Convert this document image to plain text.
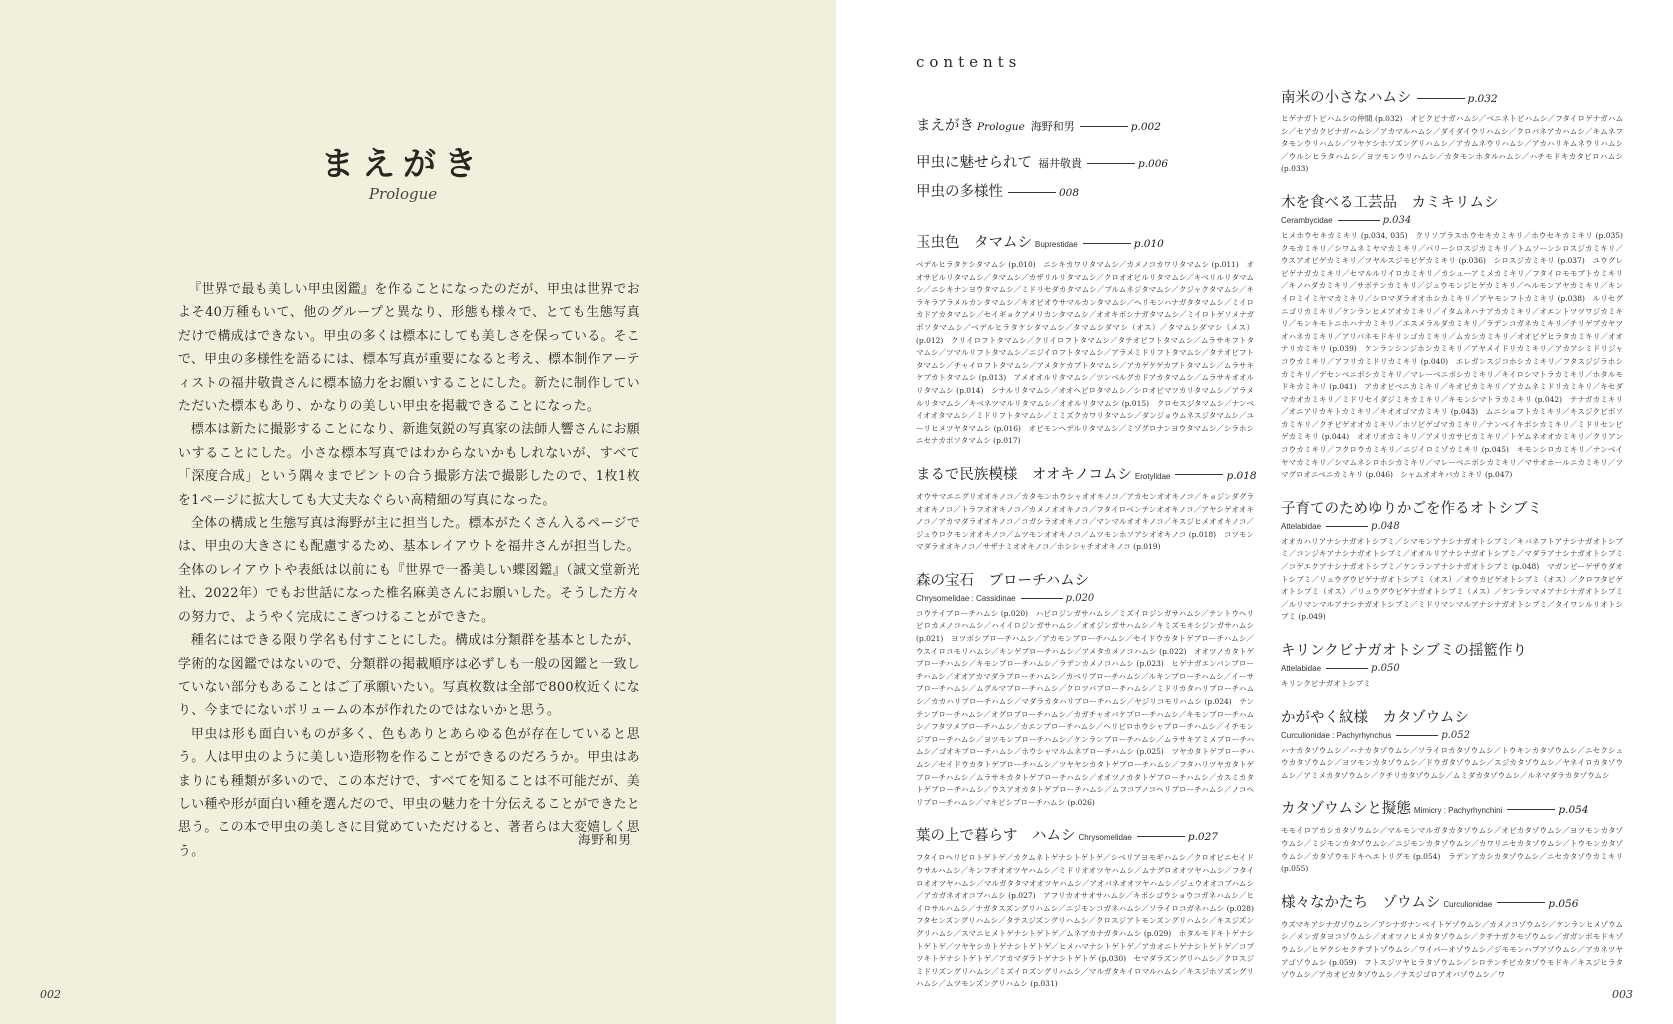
まえがき
Prologue

『世界で最も美しい甲虫図鑑』を作ることになったのだが、甲虫は世界でおよそ40万種もいて、他のグループと異なり、形態も様々で、とても生態写真だけで構成はできない。甲虫の多くは標本にしても美しさを保っている。そこで、甲虫の多様性を語るには、標本写真が重要になると考え、標本制作アーティストの福井敬貴さんに標本協力をお願いすることにした。新たに制作していただいた標本もあり、かなりの美しい甲虫を掲載できることになった。

標本は新たに撮影することになり、新進気鋭の写真家の法師人響さんにお願いすることにした。小さな標本写真ではわからないかもしれないが、すべて「深度合成」という隅々までピントの合う撮影方法で撮影したので、1枚1枚を1ページに拡大しても大丈夫なぐらい高精細の写真になった。

全体の構成と生態写真は海野が主に担当した。標本がたくさん入るページでは、甲虫の大きさにも配慮するため、基本レイアウトを福井さんが担当した。全体のレイアウトや表紙は以前にも『世界で一番美しい蝶図鑑』（誠文堂新光社、2022年）でもお世話になった椎名麻美さんにお願いした。そうした方々の努力で、ようやく完成にこぎつけることができた。

種名にはできる限り学名も付すことにした。構成は分類群を基本としたが、学術的な図鑑ではないので、分類群の掲載順序は必ずしも一般の図鑑と一致していない部分もあることはご了承願いたい。写真枚数は全部で800枚近くになり、今までにないボリュームの本が作れたのではないかと思う。

甲虫は形も面白いものが多く、色もありとあらゆる色が存在していると思う。人は甲虫のように美しい造形物を作ることができるのだろうか。甲虫はあまりにも種類が多いので、この本だけで、すべてを知ることは不可能だが、美しい種や形が面白い種を選んだので、甲虫の魅力を十分伝えることができたと思う。この本で甲虫の美しさに目覚めていただけると、著者らは大変嬉しく思う。

海野和男
002
contents
まえがき Prologue 海野和男	p.002
甲虫に魅せられて 福井敬貴	p.006
甲虫の多様性	008
玉虫色　タマムシ Buprestidae	p.010
ベデルヒラタケシタマムシ (p.010)　ニシキカワリタマムシ／カメノコカワリタマムシ (p.011)　オオサビルリタマムシ／タマムシ／カザリルリタマムシ／クロオオビルリタマムシ／キベリルリタマムシ／ニシキナンヨウタマムシ／ミドリセダカタマムシ／ブルムネジタマムシ／クジャクタマムシ／キラキラアラメルカンタマムシ／キオビオウサマルカンタマムシ／ヘリモンハナガタタマムシ／ミイロカドアカタマムシ／セイギョクアメリカンタマムシ／オオキボシナガタマムシ／ミイロトゲソメナガボソタマムシ／ベデルヒラタケシタマムシ／タマムシダマシ（オス）／タマムシダマシ（メス）(p.012)　クリイロフトタマムシ／クリイロフトタマムシ／タテオビフトタマムシ／ムラサキフトタマムシ／ツマルリフトタマムシ／ニジイロフトタマムシ／アラメミドリフトタマムシ／タテオビフトタマムシ／チャイロフトタマムシ／アメタケカブトタマムシ／アカゲケゲカブトタマムシ／ムラサキケブカトタマムシ (p.013)　アメオオルリタマムシ／ツンベルグカドアカタマムシ／ムラサキオオルリタマムシ (p.014)　シナルリタマムシ／オオヘビロタマムシ／シロオビマツカリタマムシ／アラメルリタマムシ／キベネツマルリタマムシ／オオルリタマムシ (p.015)　クロセスジタマムシ／ナンベイオオタマムシ／ミドリフトタマムシ／ミミズクカワリタマムシ／ダンジョウムネスジタマムシ／ユーリヒメツヤタマムシ (p.016)　オビモンヘデルリタマムシ／ミゾグロナンヨウタマムシ／シラホシニセナカボソタマムシ (p.017)
まるで民族模様　オオキノコムシ Erotylidae	p.018
オウサマエニグリオオキノコ／カタモンホウシャオオキノコ／アカセンオオキノコ／キョジンダグラオオキノコ／トラフオオキノコ／カメノオオキノコ／フタイロベンテンオオキノコ／アヤシゲオオキノコ／アカマダラオオキノコ／コガシラオオキノコ／マンマルオオキノコ／キスジヒメオオキノコ／ジュウロクモンオオキノコ／ムツモンオオキノコ／ムツモンホソアシオオキノコ (p.018)　コツモンマダラオオキノコ／サザナミオオキノコ／ホシシャチオオキノコ (p.019)
森の宝石　ブローチハムシ
Chrysomelidae : Cassidinae	p.020
コウテイブローチハムシ (p.020)　ハビロジンガサハムシ／ミズイロジンガサハムシ／テントウヘリビロカメノコハムシ／ハイイロジンガサハムシ／オオジンガサハムシ／キミズモキシジンガサハムシ (p.021)　ヨツボシブローチハムシ／アカモンブローチハムシ／セイドウカタトゲブローチハムシ／ウスイロコモリハムシ／キンゲブローチハムシ／アメタカメノコハムシ (p.022)　オオツノカタトゲブローチハムシ／キモンブローチハムシ／ラデンカメノコハムシ (p.023)　ヒゲナガエンバンブローチハムシ／オオアカマダラブローチハムシ／カベリブローチハムシ／ルキンブローチハムシ／イーサブローチハムシ／ムグルマブローチハムシ／クロツバブローチハムシ／ミドリカタハリブローチハムシ／カカハリブローチハムシ／マダラカタハリブローチハムシ／ヤジリコモリハムシ (p.024)　テンテンブローチハムシ／オグロブローチハムシ／カガチャオバケブローチハムシ／キモンブローチハムシ／フタツメブローチハムシ／カエンブローチハムシ／ヘリビロホウシャブローチハムシ／イチモンジブローチハムシ／ヨツモンブローチハムシ／ケンランブローチハムシ／ムラサキアミメブローチハムシ／ゴオキブローチハムシ／ホウシャマルムネブローチハムシ (p.025)　ツヤカタトゲブローチハムシ／セイドウカタトゲブローチハムシ／ツヤヤシカタトゲブローチハムシ／フタハリツヤカタトゲブローチハムシ／ムラサキカタトゲブローチハムシ／オオツノカタトゲブローチハムシ／カスミカタトゲブローチハムシ／ウスアオカタトゲブローチハムシ／ムフコブノコヘリブローチハムシ／ノコヘリブローチハムシ／マキビシブローチハムシ (p.026)
葉の上で暮らす　ハムシ Chrysomelidae	p.027
フタイロヘリビロトゲトゲ／カクムネトゲナシトゲトゲ／シベリアヨモギハムシ／クロオビニセイドウサルハムシ／キンフチオオツヤハムシ／ミドリオオツヤハムシ／ムナグロオオツヤハムシ／フタイロオオツヤハムシ／マルガタタマオオツヤハムシ／アオバネオオツヤハムシ／ジュウオオコブハムシ／アカガネオオコブハムシ (p.027)　アフリカオサオサハムシ／キボシゴウショウコガネハムシ／ヒイロサルハムシ／ナガタスズングリハムシ／ニジモンコガネハムシ／ソライロコガネハムシ (p.028)　フタセンズングリハムシ／タテスジズングリハムシ／クロスジアトモンズングリハムシ／キスジズングリハムシ／スマニヒメトゲナシトゲトゲ／ムネアカナガタハムシ (p.029)　ホタルモドキトゲナシトゲトゲ／ツヤヤシカトゲナシトゲトゲ／ヒメハマナシトゲトゲ／アカオニトゲナシトゲトゲ／コブツキトゲナシトゲトゲ／アカマダラトゲナシトゲトゲ (p.030)　セマダラズングリハムシ／クロスジミドリズングリハムシ／ミズイロズングリハムシ／マルガタキイロマルハムシ／キスジホソズングリハムシ／ムツモンズングリハムシ (p.031)
南米の小さなハムシ	p.032
ヒゲナガトビハムシの仲間 (p.032)　オビクビナガハムシ／ベニネトビハムシ／フタイロゲナガハムシ／セアカクビナガハムシ／アカマルハムシ／ダイダイウリハムシ／クロバネアカハムシ／キムネフタモンウリハムシ／ツヤケシホソズングリハムシ／アカムネウリハムシ／アカハリキムネウリハムシ／ウルシヒラタハムシ／ヨツモンウリハムシ／カタモンホタルハムシ／ハチモドキカタビロハムシ (p.033)
木を食べる工芸品　カミキリムシ
Cerambycidae	p.034
ヒメホウセキカミキリ (p.034, 035)　クリソプラスホウセキカミキリ／ホウセキカミキリ (p.035)　クモカミキリ／シワムネミヤマカミキリ／パリーシロスジカミキリ／トムソーンシロスジカミキリ／ウスアオビゲカミキリ／ツヤルスジモビゲカミキリ (p.036)　シロスジカミキリ (p.037)　ユウグレビゲナガカミキリ／セマルルリイロカミキリ／カシューアミメカミキリ／フタイロモモブトカミキリ／キノハダカミキリ／サボテンカミキリ／ジュウモンジヒゲカミキリ／ヘルモンアヤカミキリ／キンイロミイミヤマカミキリ／シロマダラオオホシカミキリ／アヤモンフトカミキリ (p.038)　ルリセグニゴリカミキリ／ケンランヒメアオカミキリ／イタムネハナアカカミキリ／オエントツツワジカミキリ／モンキモトニホハナカミキリ／エスメラルダカミキリ／ラデンコガネカミキリ／チリゲブカヤツオハネカミキリ／アリバネモドキリンゴカミキリ／ムカシカミキリ／オオビゲヒラタカミキリ／オオナリカミキリ (p.039)　ケンランシンジホシカミキリ／アヤメイドリカミキリ／アカアシミドリジャコウカミキリ／アフリカミドリカミキリ (p.040)　エレガンスジコホシカミキリ／フタスジジラホシカミキリ／デセンベニボシカミキリ／マレーベニボシカミキリ／キイロシマトラカミキリ／ホタルモドキカミキリ (p.041)　アカオビベニカミキリ／キオビカミキリ／アカムネミドリカミキリ／キセダマカオカミキリ／ミドリセイダジミキカミキリ／キモンシマトラカミキリ (p.042)　テナガカミキリ／オニアリカキトカミキリ／キオオゴマカミキリ (p.043)　ムニショフトカミキリ／キスジクビボソカミキリ／クチビゲオオカミキリ／ホソビゲゴマカミキリ／ナンベイキボシカミキリ／ミドリセンビゲカミキリ (p.044)　オオリオカミキリ／アメリカサビカミキリ／トゲムネオオカミキリ／クリアンコウカミキリ／フクロウカミキリ／ニジイロミゾカミキリ (p.045)　キモンシロカミキリ／ナンベイヤマカミキリ／シマムネシロホシカミキリ／マレーベニボシカミキリ／マサオホールニカミキリ／ツマグロオニベニカミキリ (p.046)　シャムオオキバカミキリ (p.047)
子育てのためゆりかごを作るオトシブミ
Attelabidae	p.048
オオカハリアナシナガオトシブミ／シマモンアナシナガオトシブミ／キバネフトアナシナガオトシブミ／コンジキアナシナガオトシブミ／オオルリアナシナガオトシブミ／マダラアナシナガオトシブミ／コゲエクアナシナガオトシブミ／ケンランアナシナガオトシブミ (p.048)　マガンビーゲザウダオトシブミ／リュウグウビゲナガオトシブミ（オス）／オウカビゲオトシブミ（オス）／クロフタビゲオトシブミ（オス）／リュウグウビゲナガオトシブミ（メス）／ケンランマメアナシナガオトシブミ／ルリマンマルアナシナガオトシブミ／ミドリマンマルアナシナガオトシブミ／タイワンルリオトシブミ (p.049)
キリンクビナガオトシブミの揺籃作り
Attelabidae	p.050
キリンクビナガオトシブミ
かがやく紋様　カタゾウムシ
Curculionidae : Pachyrhynchus	p.052
ハナカタゾウムシ／ハナカタゾウムシ／ソライロカタゾウムシ／トウキンカタゾウムシ／ニセクシュウカタゾウムシ／ヨツモンカタゾウムシ／ドウガタゾウムシ／スジカタゾウムシ／ヤネイロカタゾウムシ／アミメカタゾウムシ／クチリカタゾウムシ／ムミダカタゾウムシ／ルネマダラカタゾウムシ
カタゾウムシと擬態 Mimicry : Pachyrhynchini	p.054
モモイロアカシカタゾウムシ／マルモンマルガタカタゾウムシ／オビカタゾウムシ／ヨツモンカタゾウムシ／ミジモンカタゾウムシ／ニジモンカタゾウムシ／カワリニセカタゾウムシ／トウモンカタゾウムシ／カタゾウモドキヘエトリグモ (p.054)　ラデンアカシカタゾウムシ／ニセカタゾウカミキリ (p.055)
様々なかたち　ゾウムシ Curculionidae	p.056
ウズマキアシナガゾウムシ／アシナガナンベイトゲゾウムシ／カメノコゾウムシ／ケンランヒメゾウムシ／メンガタヨコゾウムシ／オオツノヒメカタゾウムシ／クチナガクモゾウムシ／ガガンボモドキゾウムシ／ヒゲクシセクチブトゾウムシ／ワイパーオゾウムシ／ジモモンハブアゾウムシ／アカネツヤアゴゾウムシ (p.059)　フトスジツヤヒラタゾウムシ／シロテンチビカタゾウモドキ／キスジヒラタゾウムシ／アカオビカタゾウムシ／テスジゴロアオバゾウムシ／ワ
003
